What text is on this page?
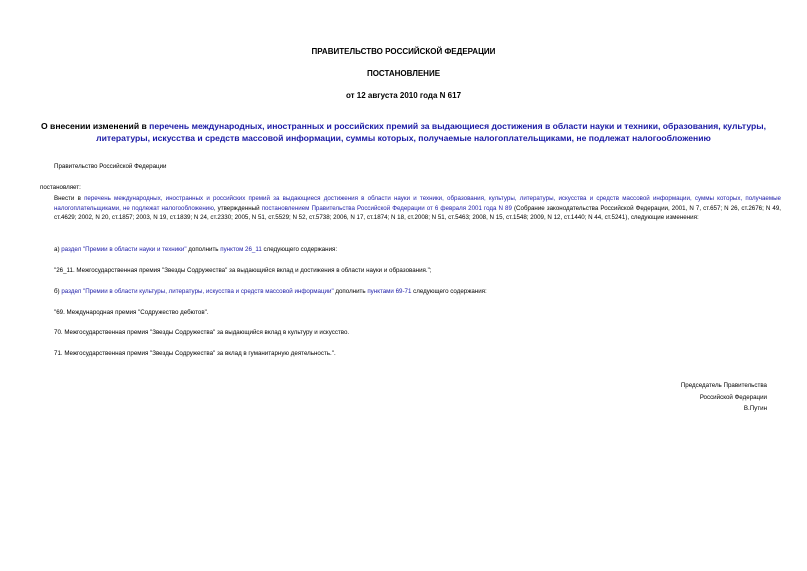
ПРАВИТЕЛЬСТВО РОССИЙСКОЙ ФЕДЕРАЦИИ
ПОСТАНОВЛЕНИЕ
от 12 августа 2010 года N 617
О внесении изменений в перечень международных, иностранных и российских премий за выдающиеся достижения в области науки и техники, образования, культуры, литературы, искусства и средств массовой информации, суммы которых, получаемые налогоплательщиками, не подлежат налогообложению
Правительство Российской Федерации
постановляет:
Внести в перечень международных, иностранных и российских премий за выдающиеся достижения в области науки и техники, образования, культуры, литературы, искусства и средств массовой информации, суммы которых, получаемые налогоплательщиками, не подлежат налогообложению, утвержденный постановлением Правительства Российской Федерации от 6 февраля 2001 года N 89 (Собрание законодательства Российской Федерации, 2001, N 7, ст.657; N 26, ст.2676; N 49, ст.4629; 2002, N 20, ст.1857; 2003, N 19, ст.1839; N 24, ст.2330; 2005, N 51, ст.5529; N 52, ст.5738; 2006, N 17, ст.1874; N 18, ст.2008; N 51, ст.5463; 2008, N 15, ст.1548; 2009, N 12, ст.1440; N 44, ст.5241), следующие изменения:
а) раздел "Премии в области науки и техники" дополнить пунктом 26_11 следующего содержания:
"26_11. Межгосударственная премия "Звезды Содружества" за выдающийся вклад и достижения в области науки и образования.";
б) раздел "Премии в области культуры, литературы, искусства и средств массовой информации" дополнить пунктами 69-71 следующего содержания:
"69. Международная премия "Содружество дебютов".
70. Межгосударственная премия "Звезды Содружества" за выдающийся вклад в культуру и искусство.
71. Межгосударственная премия "Звезды Содружества" за вклад в гуманитарную деятельность.".
Председатель Правительства
Российской Федерации
В.Путин
